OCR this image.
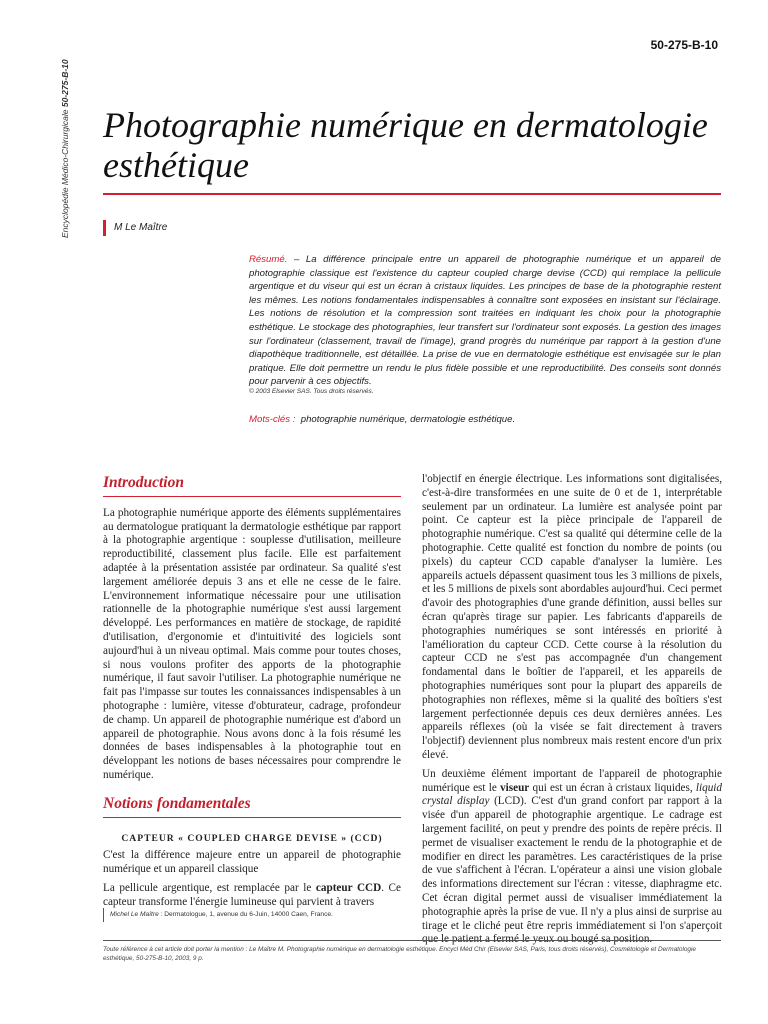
Encyclopédie Médico-Chirurgicale 50-275-B-10
50-275-B-10
Photographie numérique en dermatologie esthétique
M Le Maître

Résumé. – La différence principale entre un appareil de photographie numérique et un appareil de photographie classique est l'existence du capteur coupled charge devise (CCD) qui remplace la pellicule argentique et du viseur qui est un écran à cristaux liquides. Les principes de base de la photographie restent les mêmes. Les notions fondamentales indispensables à connaître sont exposées en insistant sur l'éclairage. Les notions de résolution et la compression sont traitées en indiquant les choix pour la photographie esthétique. Le stockage des photographies, leur transfert sur l'ordinateur sont exposés. La gestion des images sur l'ordinateur (classement, travail de l'image), grand progrès du numérique par rapport à la gestion d'une diapothèque traditionnelle, est détaillée. La prise de vue en dermatologie esthétique est envisagée sur le plan pratique. Elle doit permettre un rendu le plus fidèle possible et une reproductibilité. Des conseils sont donnés pour parvenir à ces objectifs.

© 2003 Elsevier SAS. Tous droits réservés.
Mots-clés : photographie numérique, dermatologie esthétique.
Introduction

La photographie numérique apporte des éléments supplémentaires au dermatologue pratiquant la dermatologie esthétique par rapport à la photographie argentique : souplesse d'utilisation, meilleure reproductibilité, classement plus facile. Elle est parfaitement adaptée à la présentation assistée par ordinateur. Sa qualité s'est largement améliorée depuis 3 ans et elle ne cesse de le faire. L'environnement informatique nécessaire pour une utilisation rationnelle de la photographie numérique s'est aussi largement développé. Les performances en matière de stockage, de rapidité d'utilisation, d'ergonomie et d'intuitivité des logiciels sont aujourd'hui à un niveau optimal. Mais comme pour toutes choses, si nous voulons profiter des apports de la photographie numérique, il faut savoir l'utiliser. La photographie numérique ne fait pas l'impasse sur toutes les connaissances indispensables à un photographe : lumière, vitesse d'obturateur, cadrage, profondeur de champ. Un appareil de photographie numérique est d'abord un appareil de photographie. Nous avons donc à la fois résumé les données de bases indispensables à la photographie tout en développant les notions de bases nécessaires pour comprendre le numérique.

Notions fondamentales
CAPTEUR « COUPLED CHARGE DEVISE » (CCD)

C'est la différence majeure entre un appareil de photographie numérique et un appareil classique

La pellicule argentique, est remplacée par le capteur CCD. Ce capteur transforme l'énergie lumineuse qui parvient à travers

l'objectif en énergie électrique. Les informations sont digitalisées, c'est-à-dire transformées en une suite de 0 et de 1, interprétable seulement par un ordinateur. La lumière est analysée point par point. Ce capteur est la pièce principale de l'appareil de photographie numérique. C'est sa qualité qui détermine celle de la photographie. Cette qualité est fonction du nombre de points (ou pixels) du capteur CCD capable d'analyser la lumière. Les appareils actuels dépassent quasiment tous les 3 millions de pixels, et les 5 millions de pixels sont abordables aujourd'hui. Ceci permet d'avoir des photographies d'une grande définition, aussi belles sur écran qu'après tirage sur papier. Les fabricants d'appareils de photographies numériques se sont intéressés en priorité à l'amélioration du capteur CCD. Cette course à la résolution du capteur CCD ne s'est pas accompagnée d'un changement fondamental dans le boîtier de l'appareil, et les appareils de photographies numériques sont pour la plupart des appareils de photographies non réflexes, même si la qualité des boîtiers s'est largement perfectionnée depuis ces deux dernières années. Les appareils réflexes (où la visée se fait directement à travers l'objectif) deviennent plus nombreux mais restent encore d'un prix élevé.

Un deuxième élément important de l'appareil de photographie numérique est le viseur qui est un écran à cristaux liquides, liquid crystal display (LCD). C'est d'un grand confort par rapport à la visée d'un appareil de photographie argentique. Le cadrage est largement facilité, on peut y prendre des points de repère précis. Il permet de visualiser exactement le rendu de la photographie et de modifier en direct les paramètres. Les caractéristiques de la prise de vue s'affichent à l'écran. L'opérateur a ainsi une vision globale des informations directement sur l'écran : vitesse, diaphragme etc. Cet écran digital permet aussi de visualiser immédiatement la photographie après la prise de vue. Il n'y a plus ainsi de surprise au tirage et le cliché peut être repris immédiatement si l'on s'aperçoit

Michel Le Maître : Dermatologue, 1, avenue du 6-Juin, 14000 Caen, France.

Toute référence à cet article doit porter la mention : Le Maître M. Photographie numérique en dermatologie esthétique. Encycl Méd Chir (Elsevier SAS, Paris, tous droits réservés), Cosmétologie et Dermatologie esthétique, 50-275-B-10, 2003, 9 p.
